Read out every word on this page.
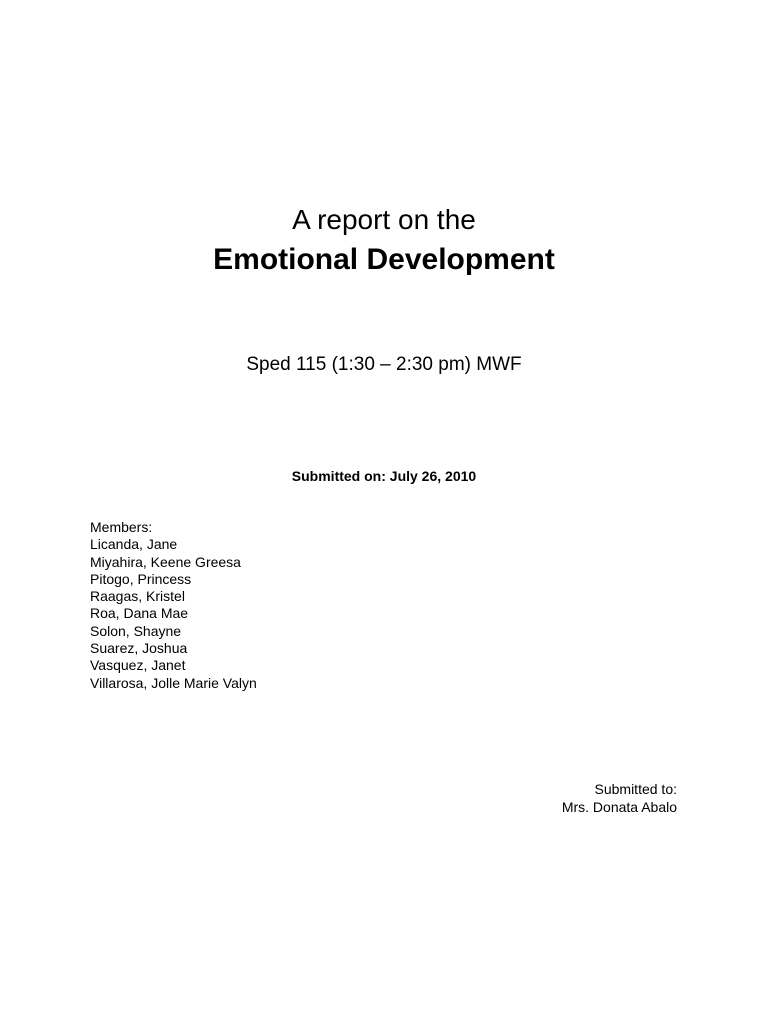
A report on the
Emotional Development
Sped 115 (1:30 – 2:30 pm) MWF
Submitted on: July 26, 2010
Members:
Licanda, Jane
Miyahira, Keene Greesa
Pitogo, Princess
Raagas, Kristel
Roa, Dana Mae
Solon, Shayne
Suarez, Joshua
Vasquez, Janet
Villarosa, Jolle Marie Valyn
Submitted to:
Mrs. Donata Abalo
